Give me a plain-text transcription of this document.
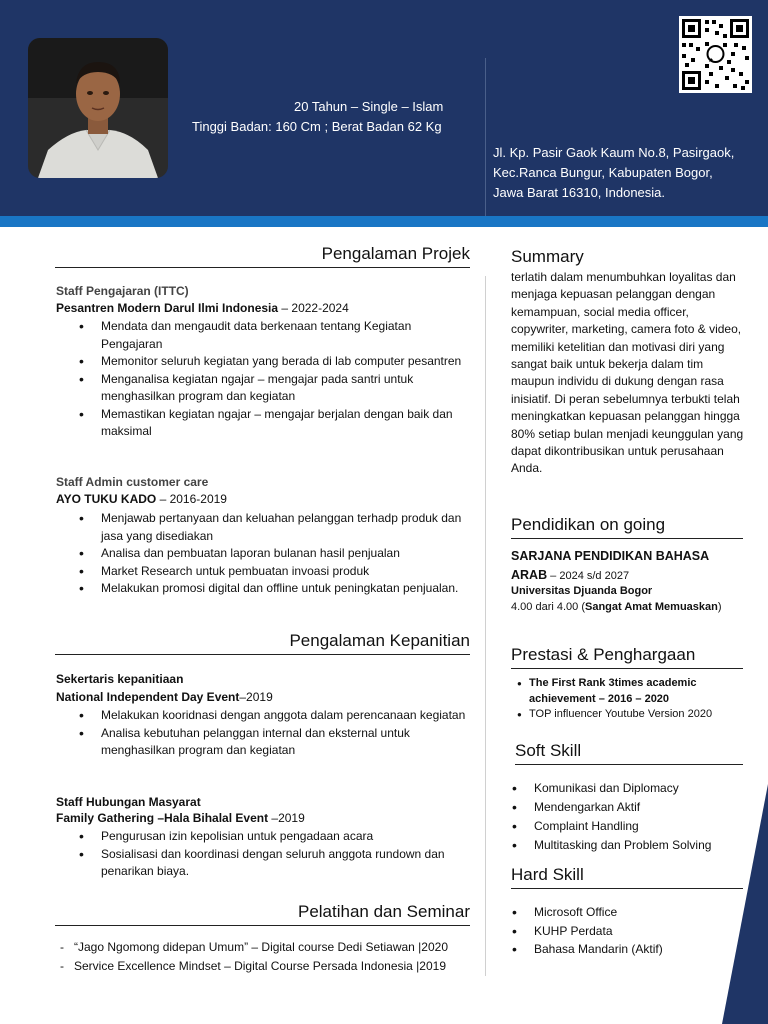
20 Tahun – Single – Islam
Tinggi Badan: 160 Cm ; Berat Badan 62 Kg
Jl. Kp. Pasir Gaok Kaum No.8, Pasirgaok,
Kec.Ranca Bungur, Kabupaten Bogor,
Jawa Barat 16310, Indonesia.
Pengalaman Projek
Staff Pengajaran (ITTC)
Pesantren Modern Darul Ilmi Indonesia – 2022-2024
• Mendata dan mengaudit data berkenaan tentang Kegiatan Pengajaran
• Memonitor seluruh kegiatan yang berada di lab computer pesantren
• Menganalisa kegiatan ngajar – mengajar pada santri untuk menghasilkan program dan kegiatan
• Memastikan kegiatan ngajar – mengajar berjalan dengan baik dan maksimal
Staff Admin customer care
AYO TUKU KADO – 2016-2019
• Menjawab pertanyaan dan keluahan pelanggan terhadp produk dan jasa yang disediakan
• Analisa dan pembuatan laporan bulanan hasil penjualan
• Market Research untuk pembuatan invoasi produk
• Melakukan promosi digital dan offline untuk peningkatan penjualan.
Pengalaman Kepanitian
Sekertaris kepanitiaan
National Independent Day Event–2019
• Melakukan kooridnasi dengan anggota dalam perencanaan kegiatan
• Analisa kebutuhan pelanggan internal dan eksternal untuk menghasilkan program dan kegiatan
Staff Hubungan Masyarat
Family Gathering –Hala Bihalal Event –2019
• Pengurusan izin kepolisian untuk pengadaan acara
• Sosialisasi dan koordinasi dengan seluruh anggota rundown dan penarikan biaya.
Pelatihan dan Seminar
- “Jago Ngomong didepan Umum” – Digital course Dedi Setiawan |2020
- Service Excellence Mindset – Digital Course Persada Indonesia |2019
Summary
terlatih dalam menumbuhkan loyalitas dan menjaga kepuasan pelanggan dengan kemampuan, social media officer, copywriter, marketing, camera foto & video, memiliki ketelitian dan motivasi diri yang sangat baik untuk bekerja dalam tim maupun individu di dukung dengan rasa inisiatif. Di peran sebelumnya terbukti telah meningkatkan kepuasan pelanggan hingga 80% setiap bulan menjadi keunggulan yang dapat dikontribusikan untuk perusahaan Anda.
Pendidikan on going
SARJANA PENDIDIKAN BAHASA
ARAB – 2024 s/d 2027
Universitas Djuanda Bogor
4.00 dari 4.00 (Sangat Amat Memuaskan)
Prestasi & Penghargaan
● The First Rank 3times academic achievement – 2016 – 2020
● TOP influencer Youtube Version 2020
Soft Skill
• Komunikasi dan Diplomacy
• Mendengarkan Aktif
• Complaint Handling
• Multitasking dan Problem Solving
Hard Skill
• Microsoft Office
• KUHP Perdata
• Bahasa Mandarin (Aktif)
